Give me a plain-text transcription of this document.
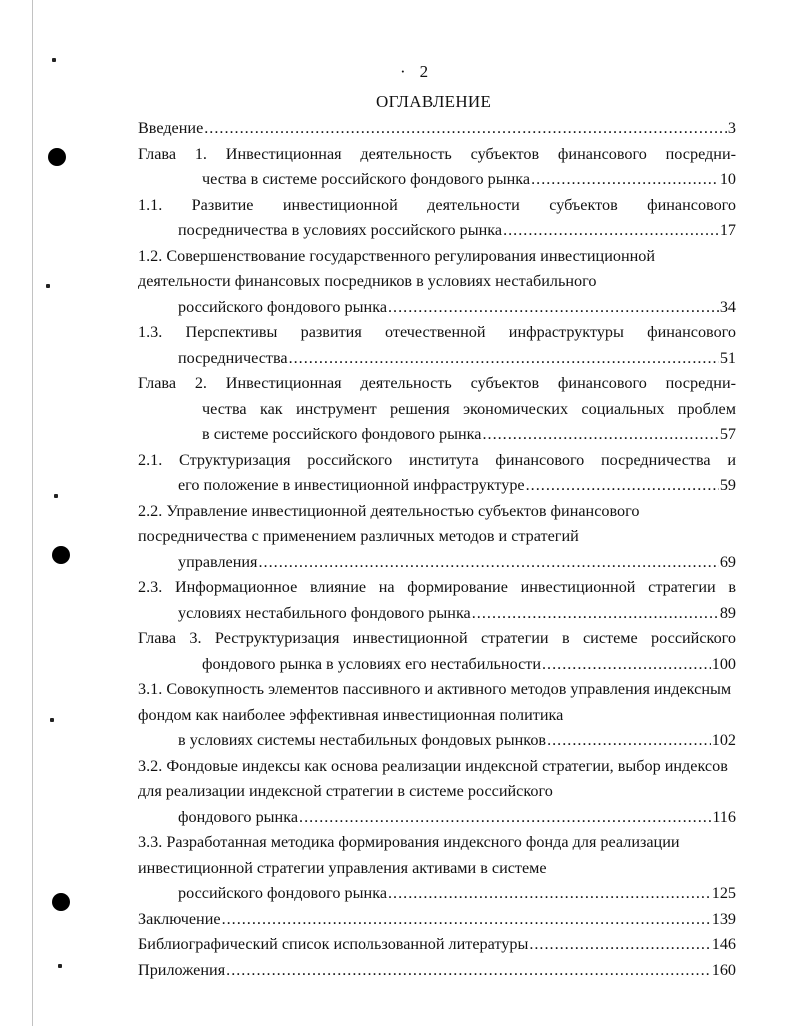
· 2
ОГЛАВЛЕНИЕ
Введение .....	3
Глава 1. Инвестиционная деятельность субъектов финансового посредни-
чества в системе российского фондового рынка .....	10
1.1. Развитие инвестиционной деятельности субъектов финансового
посредничества в условиях российского рынка .....	17
1.2. Совершенствование государственного регулирования инвестиционной деятельности финансовых посредников в условиях нестабильного
российского фондового рынка .....	34
1.3. Перспективы развития отечественной инфраструктуры финансового
посредничества .....	51
Глава 2. Инвестиционная деятельность субъектов финансового посредни-
чества как инструмент решения экономических социальных проблем
в системе российского фондового рынка .....	57
2.1. Структуризация российского института финансового посредничества и
его положение в инвестиционной инфраструктуре .....	59
2.2. Управление инвестиционной деятельностью субъектов финансового посредничества с применением различных методов и стратегий
управления .....	69
2.3. Информационное влияние на формирование инвестиционной стратегии в
условиях нестабильного фондового рынка .....	89
Глава 3. Реструктуризация инвестиционной стратегии в системе российского
фондового рынка в условиях его нестабильности .....	100
3.1. Совокупность элементов пассивного и активного методов управления индексным фондом как наиболее эффективная инвестиционная политика
в условиях системы нестабильных фондовых рынков .....	102
3.2. Фондовые индексы как основа реализации индексной стратегии, выбор индексов для реализации индексной стратегии в системе российского
фондового рынка .....	116
3.3. Разработанная методика формирования индексного фонда для реализации инвестиционной стратегии управления активами в системе
российского фондового рынка .....	125
Заключение .....	139
Библиографический список использованной литературы .....	146
Приложения .....	160
